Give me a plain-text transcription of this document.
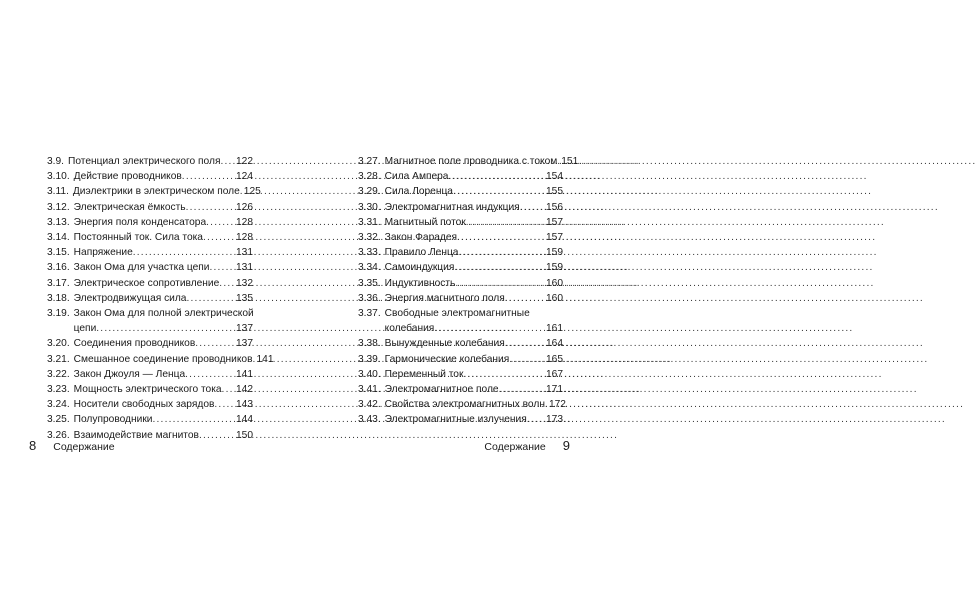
3.9. Потенциал электрического поля ..... 122
3.10. Действие проводников .....	124
3.11. Диэлектрики в электрическом поле ..... 125
3.12. Электрическая ёмкость .....	126
3.13. Энергия поля конденсатора .....	128
3.14. Постоянный ток. Сила тока .....	128
3.15. Напряжение .....	131
3.16. Закон Ома для участка цепи .....	131
3.17. Электрическое сопротивление ..... 132
3.18. Электродвижущая сила .....	135
3.19. Закон Ома для полной электрической
цепи .....	137
3.20. Соединения проводников .....	137
3.21. Смешанное соединение проводников ..... 141
3.22. Закон Джоуля — Ленца .....	141
3.23. Мощность электрического тока ..... 142
3.24. Носители свободных зарядов ..... 143
3.25. Полупроводники .....	144
3.26. Взаимодействие магнитов .....	150
8 Содержание
3.27. Магнитное поле проводника с током ..... 151
3.28. Сила Ампера .....	154
3.29. Сила Лоренца .....	155
3.30. Электромагнитная индукция .....	156
3.31. Магнитный поток .....	157
3.32. Закон Фарадея .....	157
3.33. Правило Ленца .....	159
3.34. Самоиндукция .....	159
3.35. Индуктивность .....	160
3.36. Энергия магнитного поля .....	160
3.37. Свободные электромагнитные
колебания .....	161
3.38. Вынужденные колебания .....	164
3.39. Гармонические колебания .....	165
3.40. Переменный ток .....	167
3.41. Электромагнитное поле .....	171
3.42. Свойства электромагнитных волн ..... 172
3.43. Электромагнитные излучения ..... 173
Содержание 9
